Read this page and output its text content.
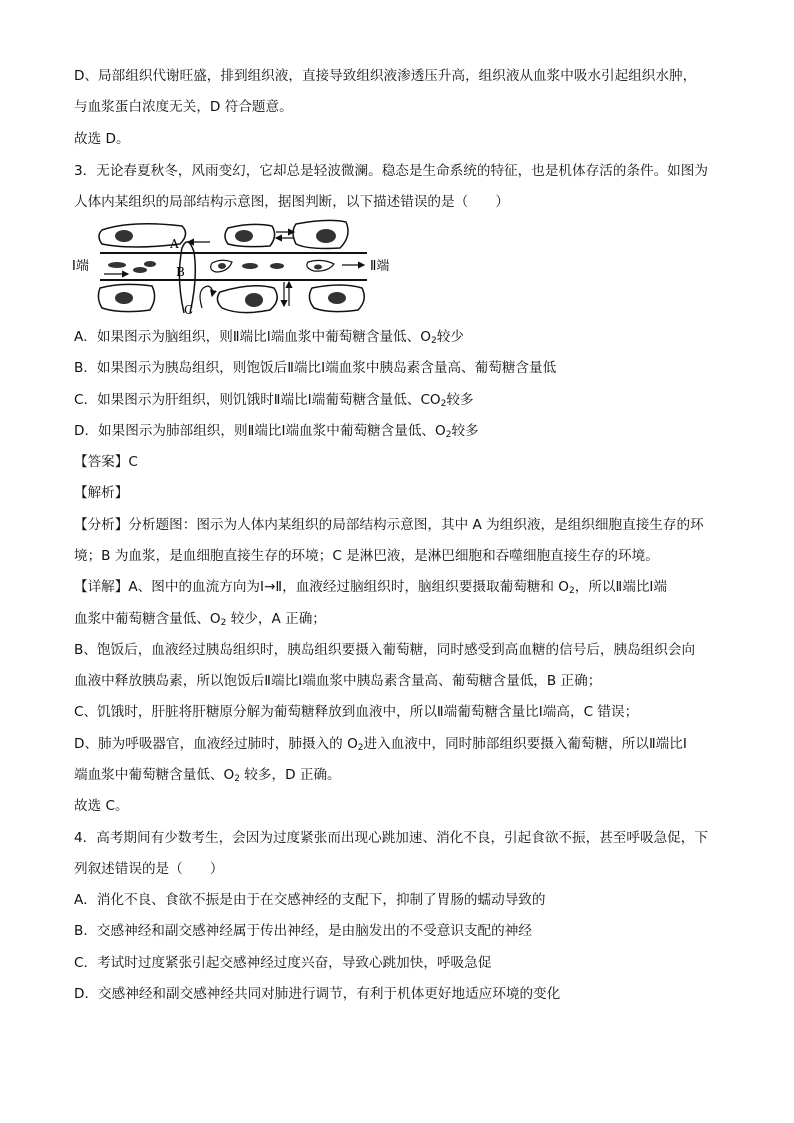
D、局部组织代谢旺盛，排到组织液，直接导致组织液渗透压升高，组织液从血浆中吸水引起组织水肿，
与血浆蛋白浓度无关，D 符合题意。
故选 D。
3．无论春夏秋冬，风雨变幻，它却总是轻波微澜。稳态是生命系统的特征，也是机体存活的条件。如图为
人体内某组织的局部结构示意图，据图判断，以下描述错误的是（　　）
A
B
C
Ⅰ端	Ⅱ端
A．如果图示为脑组织，则Ⅱ端比Ⅰ端血浆中葡萄糖含量低、$O_2$较少
B．如果图示为胰岛组织，则饱饭后Ⅱ端比Ⅰ端血浆中胰岛素含量高、葡萄糖含量低
C．如果图示为肝组织，则饥饿时Ⅱ端比Ⅰ端葡萄糖含量低、$CO_2$较多
D．如果图示为肺部组织，则Ⅱ端比Ⅰ端血浆中葡萄糖含量低、$O_2$较多
【答案】C
【解析】
【分析】分析题图：图示为人体内某组织的局部结构示意图，其中 A 为组织液，是组织细胞直接生存的环
境；B 为血浆，是血细胞直接生存的环境；C 是淋巴液，是淋巴细胞和吞噬细胞直接生存的环境。
【详解】A、图中的血流方向为Ⅰ→Ⅱ，血液经过脑组织时，脑组织要摄取葡萄糖和 $O_2$，所以Ⅱ端比Ⅰ端
血浆中葡萄糖含量低、$O_2$ 较少，A 正确；
B、饱饭后，血液经过胰岛组织时，胰岛组织要摄入葡萄糖，同时感受到高血糖的信号后，胰岛组织会向
血液中释放胰岛素，所以饱饭后Ⅱ端比Ⅰ端血浆中胰岛素含量高、葡萄糖含量低，B 正确；
C、饥饿时，肝脏将肝糖原分解为葡萄糖释放到血液中，所以Ⅱ端葡萄糖含量比Ⅰ端高，C 错误；
D、肺为呼吸器官，血液经过肺时，肺摄入的 $O_2$进入血液中，同时肺部组织要摄入葡萄糖，所以Ⅱ端比Ⅰ
端血浆中葡萄糖含量低、$O_2$ 较多，D 正确。
故选 C。
4．高考期间有少数考生，会因为过度紧张而出现心跳加速、消化不良，引起食欲不振，甚至呼吸急促，下
列叙述错误的是（　　）
A．消化不良、食欲不振是由于在交感神经的支配下，抑制了胃肠的蠕动导致的
B．交感神经和副交感神经属于传出神经，是由脑发出的不受意识支配的神经
C．考试时过度紧张引起交感神经过度兴奋，导致心跳加快，呼吸急促
D．交感神经和副交感神经共同对肺进行调节，有利于机体更好地适应环境的变化
